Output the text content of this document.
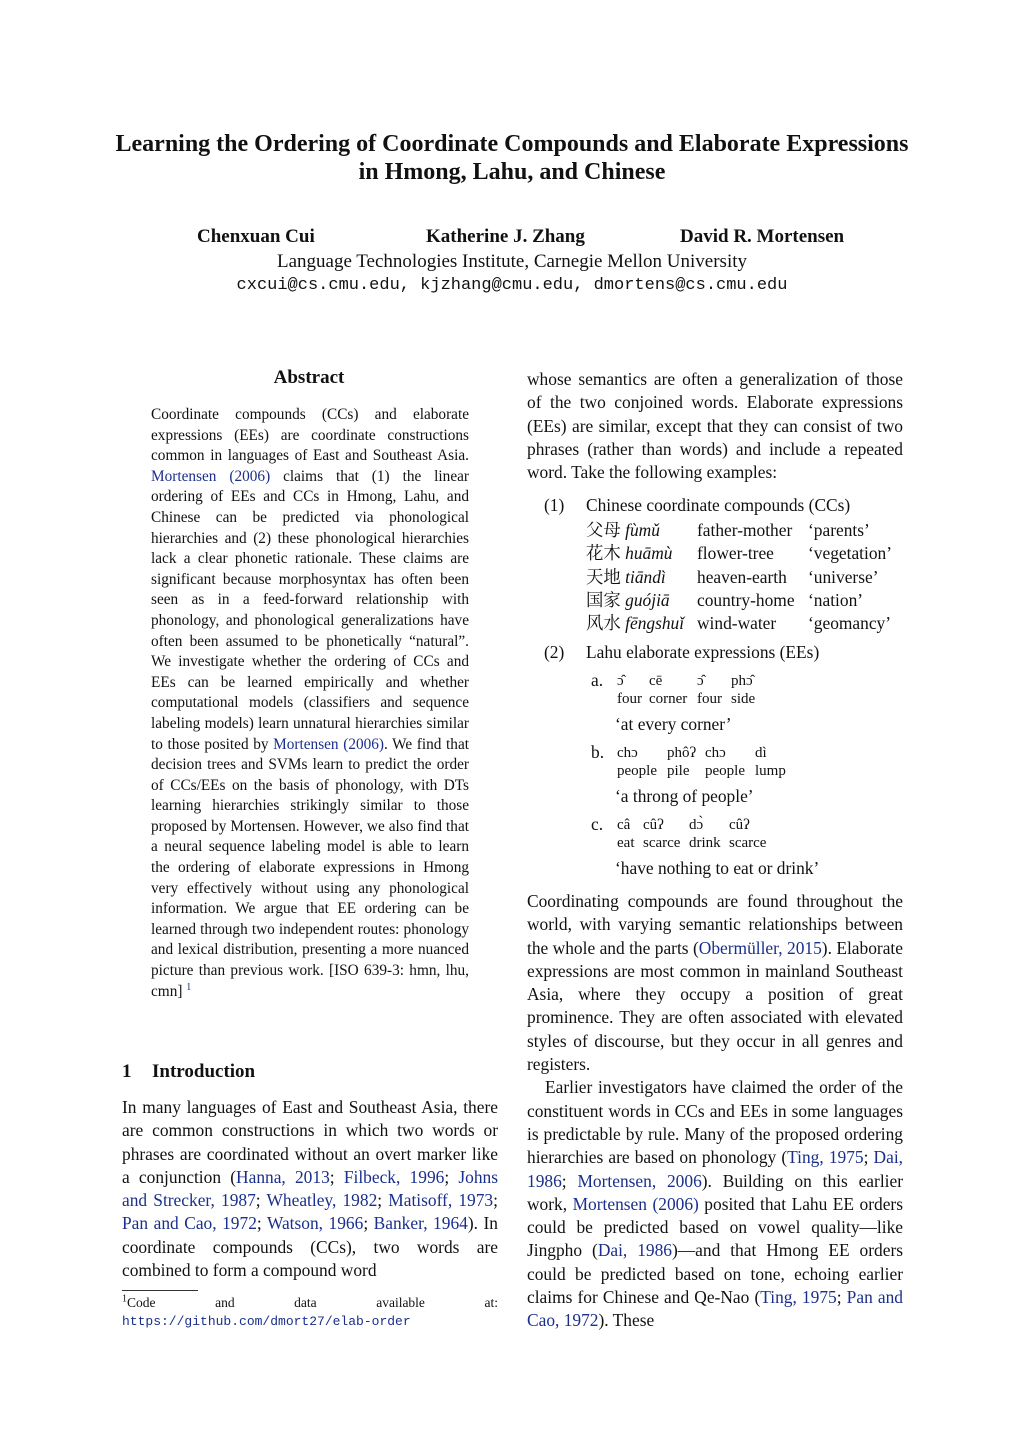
Learning the Ordering of Coordinate Compounds and Elaborate Expressions in Hmong, Lahu, and Chinese
Chenxuan Cui	Katherine J. Zhang	David R. Mortensen
Language Technologies Institute, Carnegie Mellon University
cxcui@cs.cmu.edu, kjzhang@cmu.edu, dmortens@cs.cmu.edu
Abstract
Coordinate compounds (CCs) and elaborate expressions (EEs) are coordinate constructions common in languages of East and Southeast Asia. Mortensen (2006) claims that (1) the linear ordering of EEs and CCs in Hmong, Lahu, and Chinese can be predicted via phonological hierarchies and (2) these phonological hierarchies lack a clear phonetic rationale. These claims are significant because morphosyntax has often been seen as in a feed-forward relationship with phonology, and phonological generalizations have often been assumed to be phonetically “natural”. We investigate whether the ordering of CCs and EEs can be learned empirically and whether computational models (classifiers and sequence labeling models) learn unnatural hierarchies similar to those posited by Mortensen (2006). We find that decision trees and SVMs learn to predict the order of CCs/EEs on the basis of phonology, with DTs learning hierarchies strikingly similar to those proposed by Mortensen. However, we also find that a neural sequence labeling model is able to learn the ordering of elaborate expressions in Hmong very effectively without using any phonological information. We argue that EE ordering can be learned through two independent routes: phonology and lexical distribution, presenting a more nuanced picture than previous work. [ISO 639-3: hmn, lhu, cmn] $^1$
1 Introduction
In many languages of East and Southeast Asia, there are common constructions in which two words or phrases are coordinated without an overt marker like a conjunction (Hanna, 2013; Filbeck, 1996; Johns and Strecker, 1987; Wheatley, 1982; Matisoff, 1973; Pan and Cao, 1972; Watson, 1966; Banker, 1964). In coordinate compounds (CCs), two words are combined to form a compound word
$^1$Code and data available at: https://github.com/dmort27/elab-order
whose semantics are often a generalization of those of the two conjoined words. Elaborate expressions (EEs) are similar, except that they can consist of two phrases (rather than words) and include a repeated word. Take the following examples:
(1) Chinese coordinate compounds (CCs)
父母 fùmǔ father-mother ‘parents’
花木 huāmù flower-tree ‘vegetation’
天地 tiāndì heaven-earth ‘universe’
国家 guójiā country-home ‘nation’
风水 fēngshuǐ wind-water ‘geomancy’
(2) Lahu elaborate expressions (EEs)
a. ɔ̂ cē ɔ̂ phɔ̂
four corner four side
‘at every corner’
b. chɔ phôʔ chɔ dì
people pile people lump
‘a throng of people’
c. câ cûʔ dɔ̀ cûʔ
eat scarce drink scarce
‘have nothing to eat or drink’

Coordinating compounds are found throughout the world, with varying semantic relationships between the whole and the parts (Obermüller, 2015). Elaborate expressions are most common in mainland Southeast Asia, where they occupy a position of great prominence. They are often associated with elevated styles of discourse, but they occur in all genres and registers.

Earlier investigators have claimed the order of the constituent words in CCs and EEs in some languages is predictable by rule. Many of the proposed ordering hierarchies are based on phonology (Ting, 1975; Dai, 1986; Mortensen, 2006). Building on this earlier work, Mortensen (2006) posited that Lahu EE orders could be predicted based on vowel quality—like Jingpho (Dai, 1986)—and that Hmong EE orders could be predicted based on tone, echoing earlier claims for Chinese and Qe-Nao (Ting, 1975; Pan and Cao, 1972). These
